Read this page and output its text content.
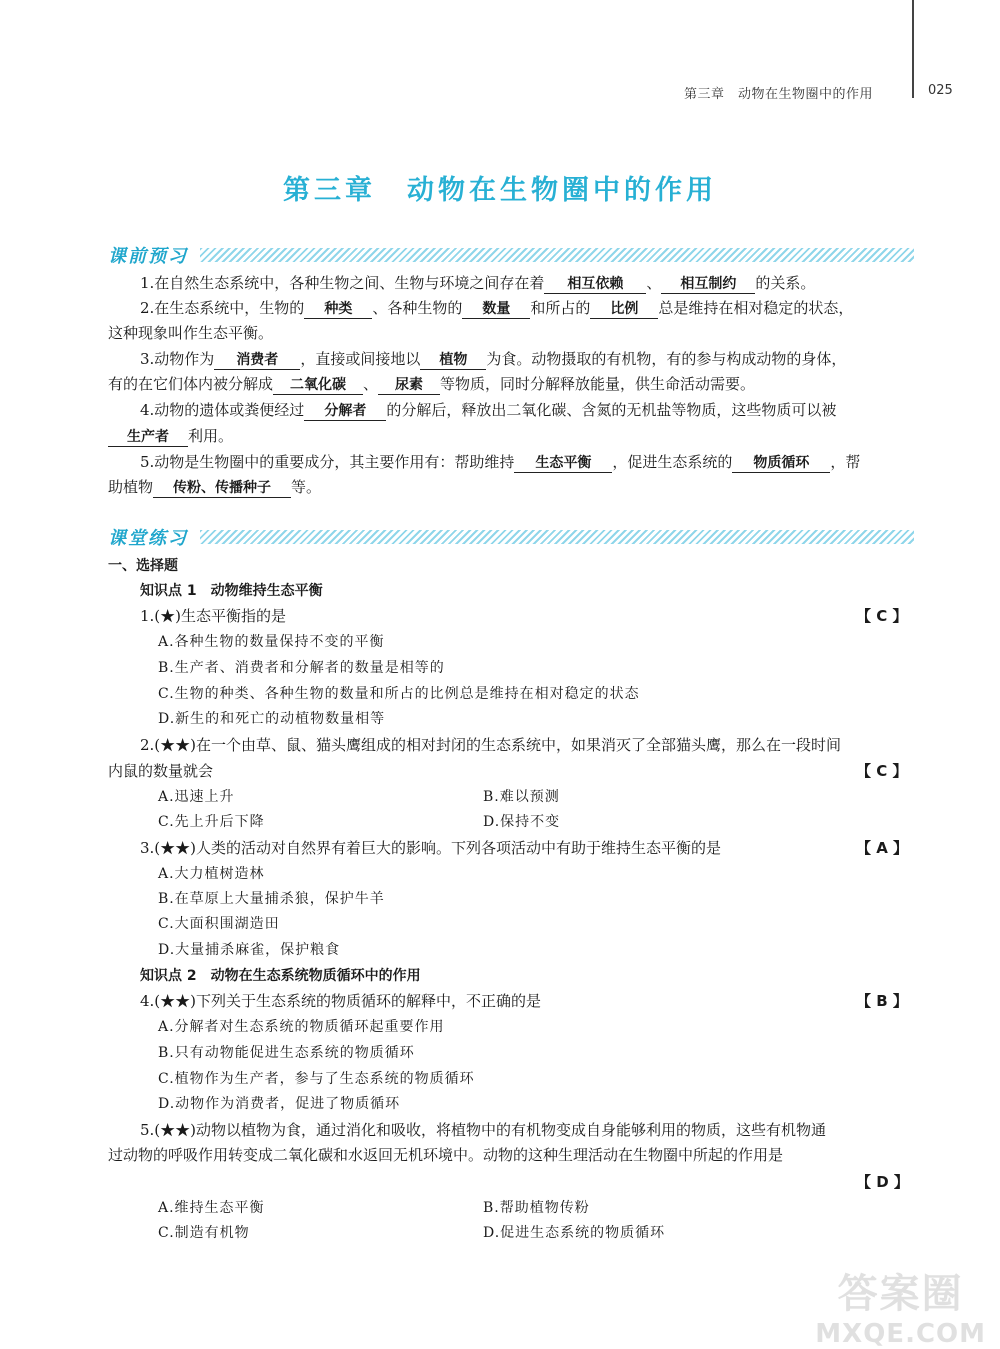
第三章　动物在生物圈中的作用	025
第三章　动物在生物圈中的作用
课前预习
1.在自然生态系统中，各种生物之间、生物与环境之间存在着 相互依赖 、 相互制约 的关系。
2.在生态系统中，生物的 种类 、各种生物的 数量 和所占的 比例 总是维持在相对稳定的状态，
这种现象叫作生态平衡。
3.动物作为 消费者 ，直接或间接地以 植物 为食。动物摄取的有机物，有的参与构成动物的身体，
有的在它们体内被分解成 二氧化碳 、 尿素 等物质，同时分解释放能量，供生命活动需要。
4.动物的遗体或粪便经过 分解者 的分解后，释放出二氧化碳、含氮的无机盐等物质，这些物质可以被
生产者 利用。
5.动物是生物圈中的重要成分，其主要作用有：帮助维持 生态平衡 ，促进生态系统的 物质循环 ，帮
助植物 传粉、传播种子 等。
课堂练习
一、选择题
知识点 1　动物维持生态平衡
1.(★)生态平衡指的是	【 C 】
A.各种生物的数量保持不变的平衡
B.生产者、消费者和分解者的数量是相等的
C.生物的种类、各种生物的数量和所占的比例总是维持在相对稳定的状态
D.新生的和死亡的动植物数量相等
2.(★★)在一个由草、鼠、猫头鹰组成的相对封闭的生态系统中，如果消灭了全部猫头鹰，那么在一段时间
内鼠的数量就会	【 C 】
A.迅速上升	B.难以预测
C.先上升后下降	D.保持不变
3.(★★)人类的活动对自然界有着巨大的影响。下列各项活动中有助于维持生态平衡的是	【 A 】
A.大力植树造林
B.在草原上大量捕杀狼，保护牛羊
C.大面积围湖造田
D.大量捕杀麻雀，保护粮食
知识点 2　动物在生态系统物质循环中的作用
4.(★★)下列关于生态系统的物质循环的解释中，不正确的是	【 B 】
A.分解者对生态系统的物质循环起重要作用
B.只有动物能促进生态系统的物质循环
C.植物作为生产者，参与了生态系统的物质循环
D.动物作为消费者，促进了物质循环
5.(★★)动物以植物为食，通过消化和吸收，将植物中的有机物变成自身能够利用的物质，这些有机物通
过动物的呼吸作用转变成二氧化碳和水返回无机环境中。动物的这种生理活动在生物圈中所起的作用是
【 D 】
A.维持生态平衡	B.帮助植物传粉
C.制造有机物	D.促进生态系统的物质循环
答案圈
MXQE.COM
